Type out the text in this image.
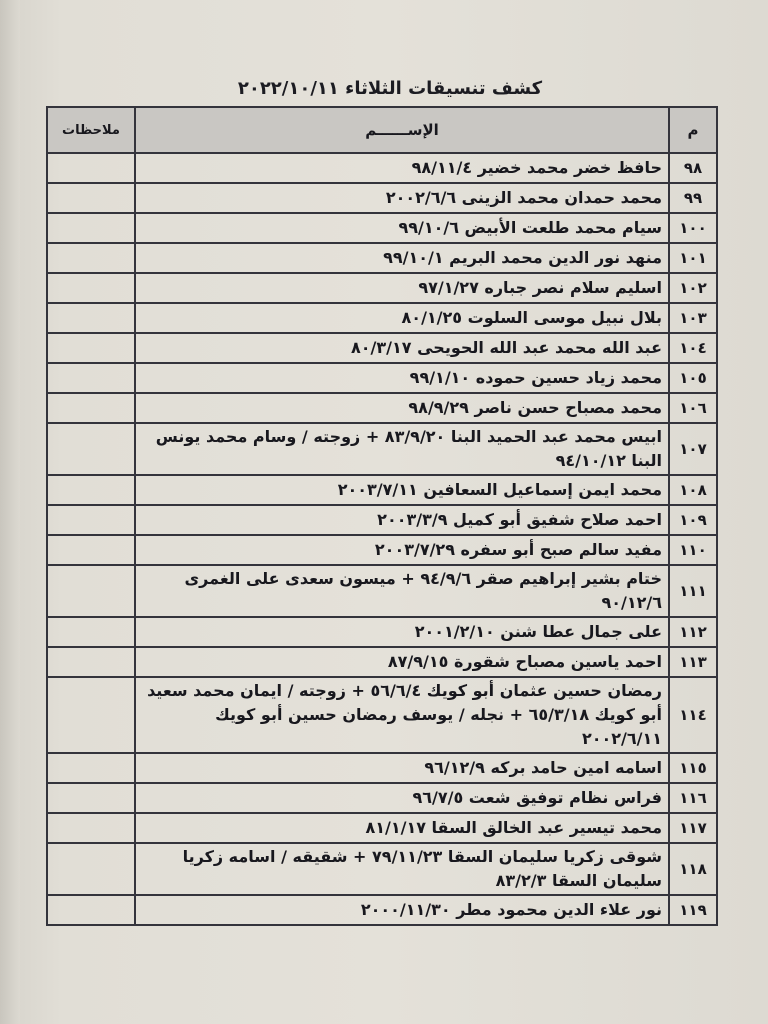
كشف تنسيقات الثلاثاء ٢٠٢٢/١٠/١١
م	الإســــــم	ملاحظات
٩٨	حافظ خضر محمد خضير ٩٨/١١/٤	
٩٩	محمد حمدان محمد الزينى ٢٠٠٢/٦/٦	
١٠٠	سيام محمد طلعت الأبيض ٩٩/١٠/٦	
١٠١	منهد نور الدين محمد البريم ٩٩/١٠/١	
١٠٢	اسليم سلام نصر جباره ٩٧/١/٢٧	
١٠٣	بلال نبيل موسى السلوت ٨٠/١/٢٥	
١٠٤	عبد الله محمد عبد الله الحويحى ٨٠/٣/١٧	
١٠٥	محمد زياد حسين حموده ٩٩/١/١٠	
١٠٦	محمد مصباح حسن ناصر ٩٨/٩/٢٩	
١٠٧	ابيس محمد عبد الحميد البنا ٨٣/٩/٢٠ + زوجته / وسام محمد يونس البنا ٩٤/١٠/١٢	
١٠٨	محمد ايمن إسماعيل السعافين ٢٠٠٣/٧/١١	
١٠٩	احمد صلاح شفيق أبو كميل ٢٠٠٣/٣/٩	
١١٠	مفيد سالم صبح أبو سفره ٢٠٠٣/٧/٢٩	
١١١	ختام بشير إبراهيم صقر ٩٤/٩/٦ + ميسون سعدى على الغمرى ٩٠/١٢/٦	
١١٢	على جمال عطا شنن ٢٠٠١/٢/١٠	
١١٣	احمد ياسين مصباح شقورة ٨٧/٩/١٥	
١١٤	رمضان حسين عثمان أبو كويك ٥٦/٦/٤ + زوجته / ايمان محمد سعيد أبو كويك ٦٥/٣/١٨ + نجله / يوسف رمضان حسين أبو كويك ٢٠٠٢/٦/١١	
١١٥	اسامه امين حامد بركه ٩٦/١٢/٩	
١١٦	فراس نظام توفيق شعت ٩٦/٧/٥	
١١٧	محمد تيسير عبد الخالق السقا ٨١/١/١٧	
١١٨	شوقى زكريا سليمان السقا ٧٩/١١/٢٣ + شقيقه / اسامه زكريا سليمان السقا ٨٣/٢/٣	
١١٩	نور علاء الدين محمود مطر ٢٠٠٠/١١/٣٠	
